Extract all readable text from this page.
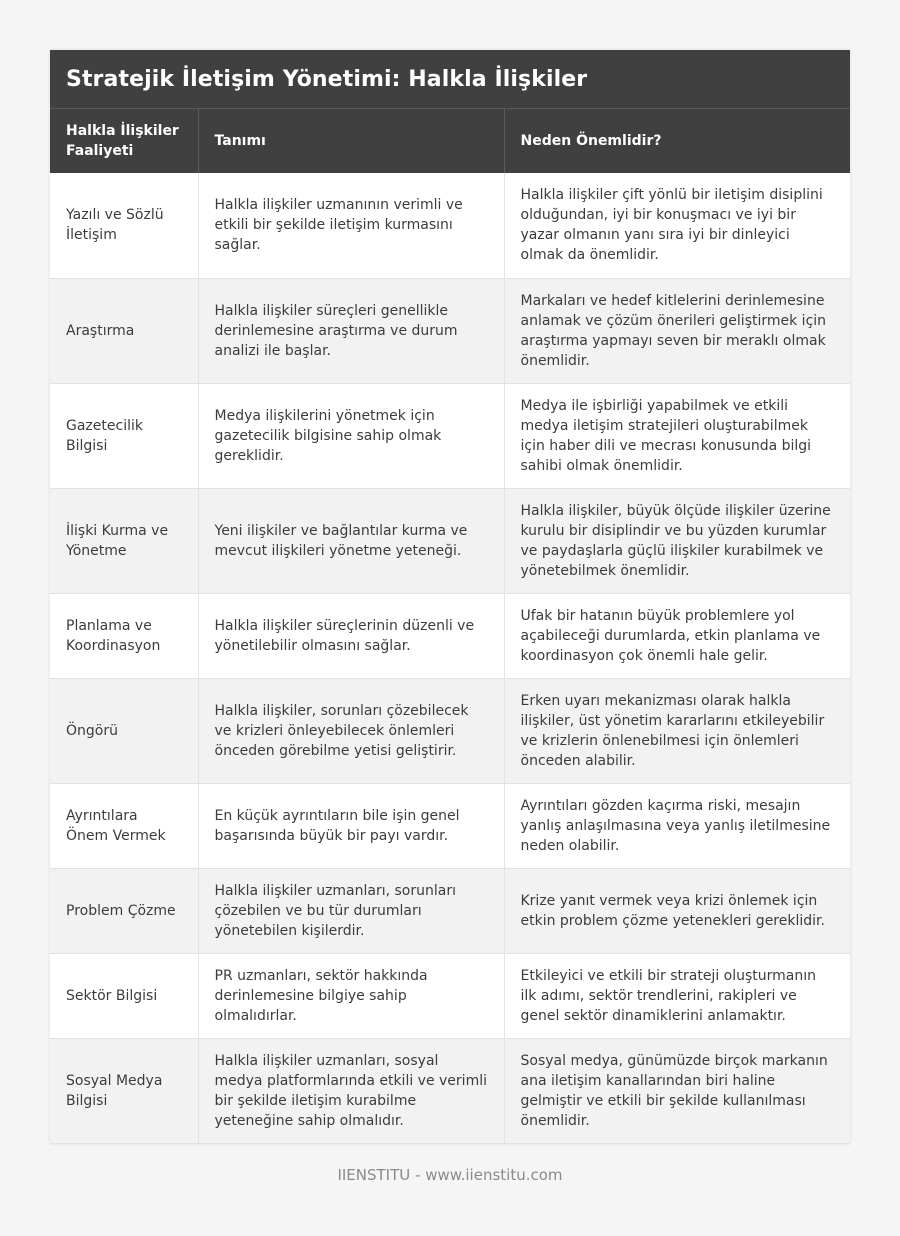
Stratejik İletişim Yönetimi: Halkla İlişkiler
Halkla İlişkiler Faaliyeti	Tanımı	Neden Önemlidir?
Yazılı ve Sözlü İletişim	Halkla ilişkiler uzmanının verimli ve etkili bir şekilde iletişim kurmasını sağlar.	Halkla ilişkiler çift yönlü bir iletişim disiplini olduğundan, iyi bir konuşmacı ve iyi bir yazar olmanın yanı sıra iyi bir dinleyici olmak da önemlidir.
Araştırma	Halkla ilişkiler süreçleri genellikle derinlemesine araştırma ve durum analizi ile başlar.	Markaları ve hedef kitlelerini derinlemesine anlamak ve çözüm önerileri geliştirmek için araştırma yapmayı seven bir meraklı olmak önemlidir.
Gazetecilik Bilgisi	Medya ilişkilerini yönetmek için gazetecilik bilgisine sahip olmak gereklidir.	Medya ile işbirliği yapabilmek ve etkili medya iletişim stratejileri oluşturabilmek için haber dili ve mecrası konusunda bilgi sahibi olmak önemlidir.
İlişki Kurma ve Yönetme	Yeni ilişkiler ve bağlantılar kurma ve mevcut ilişkileri yönetme yeteneği.	Halkla ilişkiler, büyük ölçüde ilişkiler üzerine kurulu bir disiplindir ve bu yüzden kurumlar ve paydaşlarla güçlü ilişkiler kurabilmek ve yönetebilmek önemlidir.
Planlama ve Koordinasyon	Halkla ilişkiler süreçlerinin düzenli ve yönetilebilir olmasını sağlar.	Ufak bir hatanın büyük problemlere yol açabileceği durumlarda, etkin planlama ve koordinasyon çok önemli hale gelir.
Öngörü	Halkla ilişkiler, sorunları çözebilecek ve krizleri önleyebilecek önlemleri önceden görebilme yetisi geliştirir.	Erken uyarı mekanizması olarak halkla ilişkiler, üst yönetim kararlarını etkileyebilir ve krizlerin önlenebilmesi için önlemleri önceden alabilir.
Ayrıntılara Önem Vermek	En küçük ayrıntıların bile işin genel başarısında büyük bir payı vardır.	Ayrıntıları gözden kaçırma riski, mesajın yanlış anlaşılmasına veya yanlış iletilmesine neden olabilir.
Problem Çözme	Halkla ilişkiler uzmanları, sorunları çözebilen ve bu tür durumları yönetebilen kişilerdir.	Krize yanıt vermek veya krizi önlemek için etkin problem çözme yetenekleri gereklidir.
Sektör Bilgisi	PR uzmanları, sektör hakkında derinlemesine bilgiye sahip olmalıdırlar.	Etkileyici ve etkili bir strateji oluşturmanın ilk adımı, sektör trendlerini, rakipleri ve genel sektör dinamiklerini anlamaktır.
Sosyal Medya Bilgisi	Halkla ilişkiler uzmanları, sosyal medya platformlarında etkili ve verimli bir şekilde iletişim kurabilme yeteneğine sahip olmalıdır.	Sosyal medya, günümüzde birçok markanın ana iletişim kanallarından biri haline gelmiştir ve etkili bir şekilde kullanılması önemlidir.
IIENSTITU - www.iienstitu.com
